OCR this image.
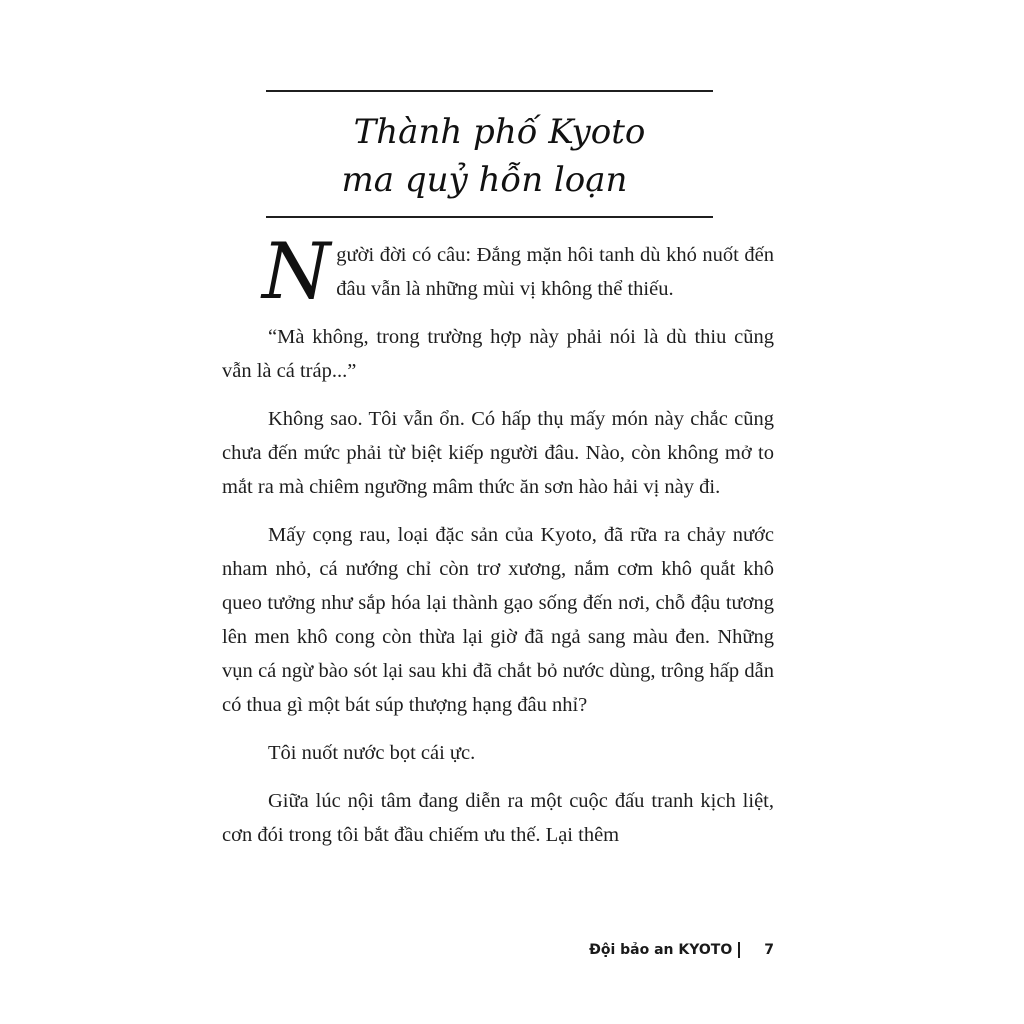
Thành phố Kyoto
ma quỷ hỗn loạn

Người đời có câu: Đắng mặn hôi tanh dù khó nuốt đến đâu vẫn là những mùi vị không thể thiếu.

“Mà không, trong trường hợp này phải nói là dù thiu cũng vẫn là cá tráp...”

Không sao. Tôi vẫn ổn. Có hấp thụ mấy món này chắc cũng chưa đến mức phải từ biệt kiếp người đâu. Nào, còn không mở to mắt ra mà chiêm ngưỡng mâm thức ăn sơn hào hải vị này đi.

Mấy cọng rau, loại đặc sản của Kyoto, đã rữa ra chảy nước nham nhỏ, cá nướng chỉ còn trơ xương, nắm cơm khô quắt khô queo tưởng như sắp hóa lại thành gạo sống đến nơi, chỗ đậu tương lên men khô cong còn thừa lại giờ đã ngả sang màu đen. Những vụn cá ngừ bào sót lại sau khi đã chắt bỏ nước dùng, trông hấp dẫn có thua gì một bát súp thượng hạng đâu nhỉ?

Tôi nuốt nước bọt cái ực.

Giữa lúc nội tâm đang diễn ra một cuộc đấu tranh kịch liệt, cơn đói trong tôi bắt đầu chiếm ưu thế. Lại thêm

Đội bảo an KYOTO 7
